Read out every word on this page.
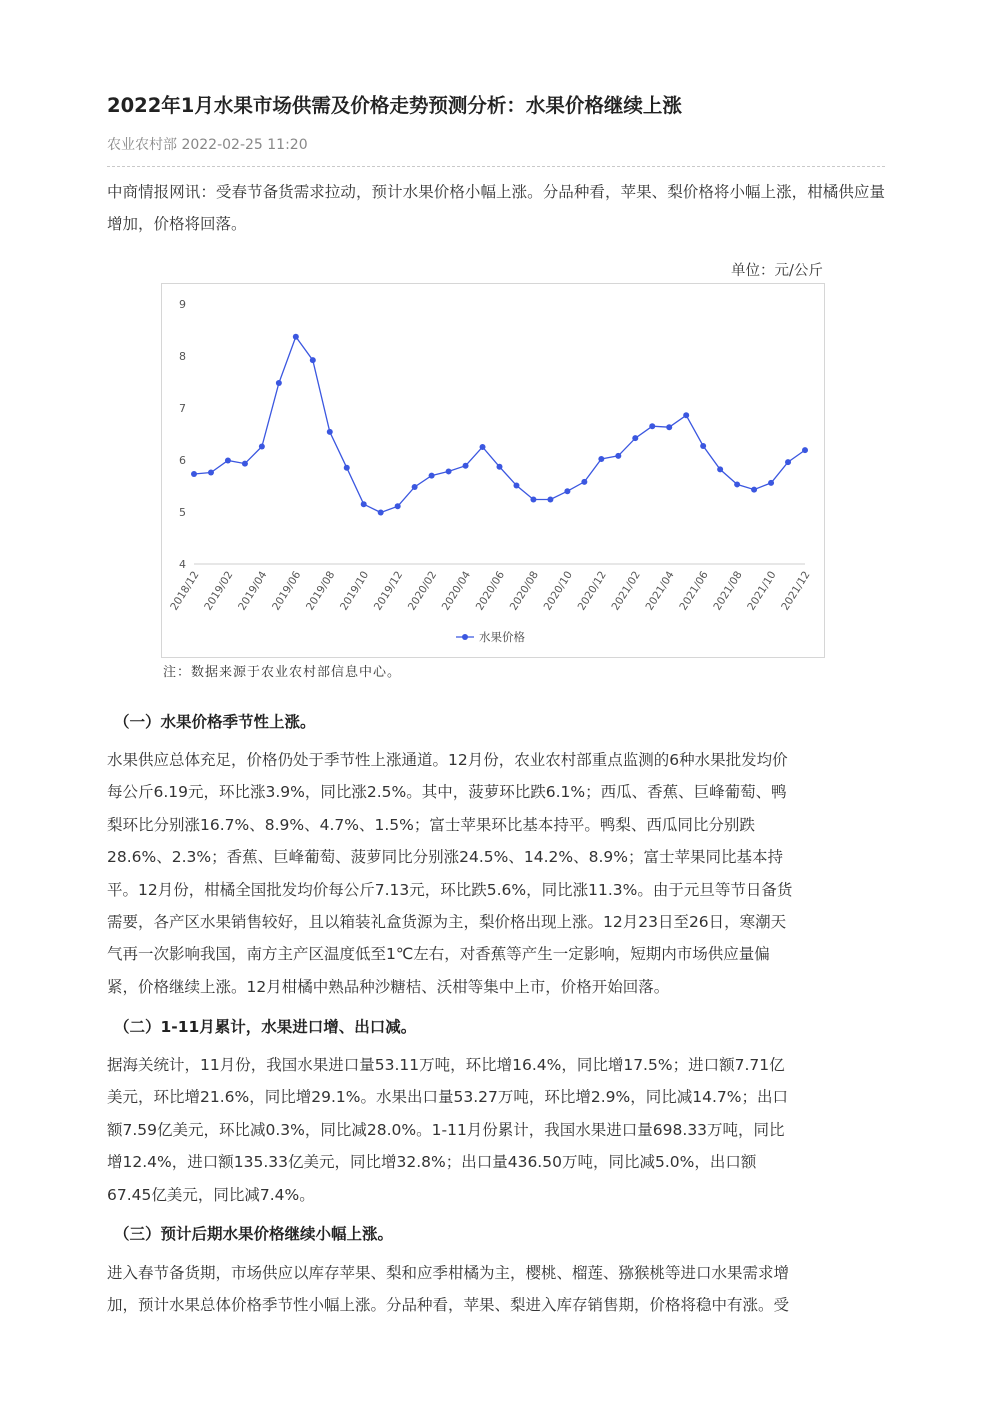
2022年1月水果市场供需及价格走势预测分析：水果价格继续上涨
农业农村部 2022-02-25 11:20

中商情报网讯：受春节备货需求拉动，预计水果价格小幅上涨。分品种看，苹果、梨价格将小幅上涨，柑橘供应量增加，价格将回落。

单位：元/公斤
4
5
6
7
8
9
2018/12 2019/02 2019/04 2019/06 2019/08 2019/10 2019/12 2020/02 2020/04 2020/06 2020/08 2020/10 2020/12 2021/02 2021/04 2021/06 2021/08 2021/10 2021/12
水果价格
注：数据来源于农业农村部信息中心。
（一）水果价格季节性上涨。

水果供应总体充足，价格仍处于季节性上涨通道。12月份，农业农村部重点监测的6种水果批发均价
每公斤6.19元，环比涨3.9%，同比涨2.5%。其中，菠萝环比跌6.1%；西瓜、香蕉、巨峰葡萄、鸭
梨环比分别涨16.7%、8.9%、4.7%、1.5%；富士苹果环比基本持平。鸭梨、西瓜同比分别跌
28.6%、2.3%；香蕉、巨峰葡萄、菠萝同比分别涨24.5%、14.2%、8.9%；富士苹果同比基本持
平。12月份，柑橘全国批发均价每公斤7.13元，环比跌5.6%，同比涨11.3%。由于元旦等节日备货
需要，各产区水果销售较好，且以箱装礼盒货源为主，梨价格出现上涨。12月23日至26日，寒潮天
气再一次影响我国，南方主产区温度低至1℃左右，对香蕉等产生一定影响，短期内市场供应量偏
紧，价格继续上涨。12月柑橘中熟品种沙糖桔、沃柑等集中上市，价格开始回落。

（二）1-11月累计，水果进口增、出口减。

据海关统计，11月份，我国水果进口量53.11万吨，环比增16.4%，同比增17.5%；进口额7.71亿
美元，环比增21.6%，同比增29.1%。水果出口量53.27万吨，环比增2.9%，同比减14.7%；出口
额7.59亿美元，环比减0.3%，同比减28.0%。1-11月份累计，我国水果进口量698.33万吨，同比
增12.4%，进口额135.33亿美元，同比增32.8%；出口量436.50万吨，同比减5.0%，出口额
67.45亿美元，同比减7.4%。

（三）预计后期水果价格继续小幅上涨。

进入春节备货期，市场供应以库存苹果、梨和应季柑橘为主，樱桃、榴莲、猕猴桃等进口水果需求增
加，预计水果总体价格季节性小幅上涨。分品种看，苹果、梨进入库存销售期，价格将稳中有涨。受
